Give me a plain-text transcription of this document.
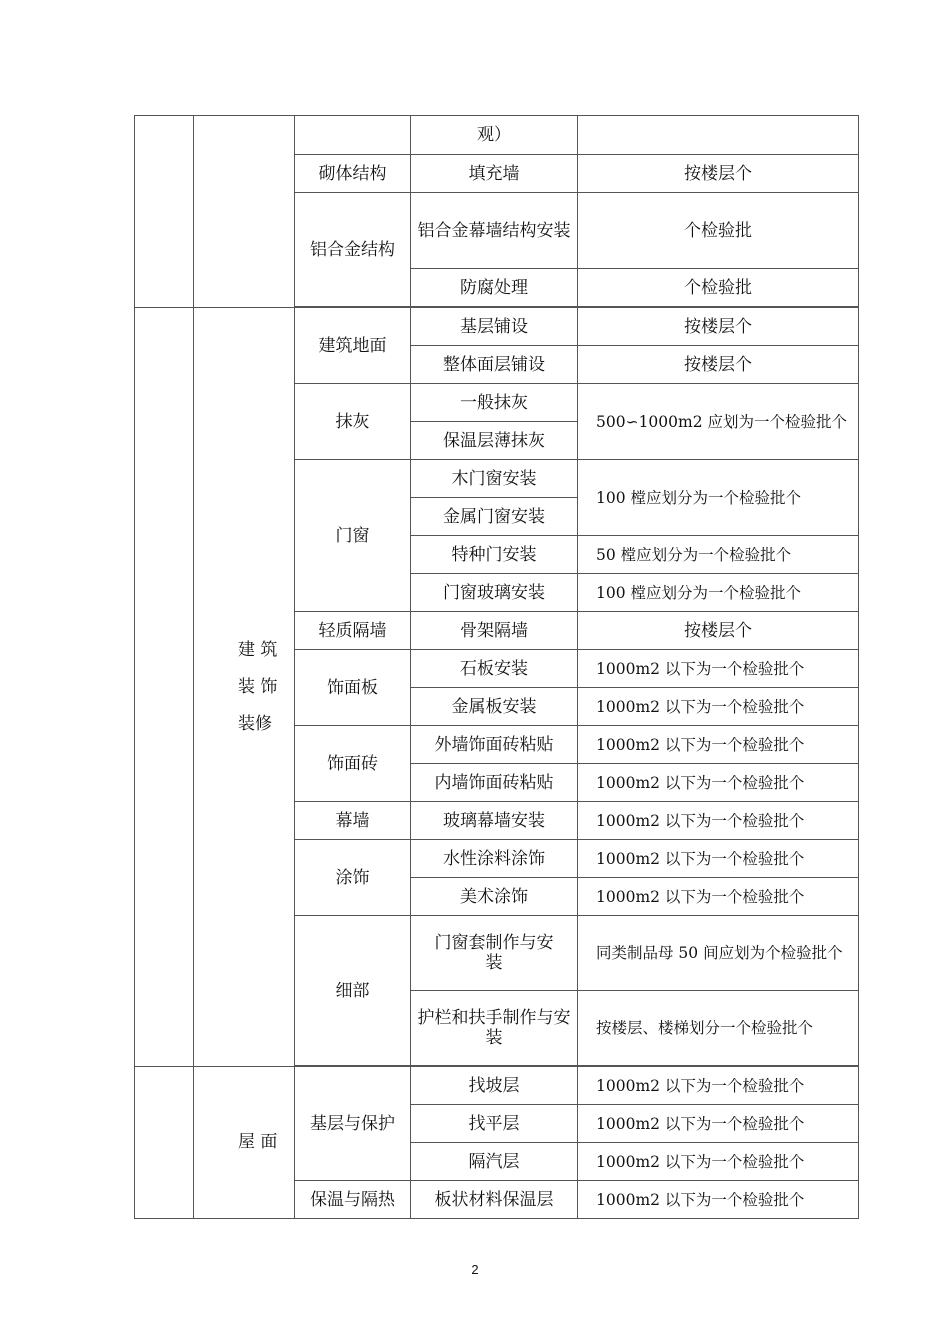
			观）	
		砌体结构	填充墙	按楼层个
		铝合金结构	铝合金幕墙结构安装	个检验批
			防腐处理	个检验批

	建 筑 装 饰 装修	建筑地面	基层铺设	按楼层个
			整体面层铺设	按楼层个
		抹灰	一般抹灰	500∽1000m2 应划为一个检验批个
			保温层薄抹灰	
		门窗	木门窗安装	100 樘应划分为一个检验批个
			金属门窗安装	
			特种门安装	50 樘应划分为一个检验批个
			门窗玻璃安装	100 樘应划分为一个检验批个
		轻质隔墙	骨架隔墙	按楼层个
		饰面板	石板安装	1000m2 以下为一个检验批个
			金属板安装	1000m2 以下为一个检验批个
		饰面砖	外墙饰面砖粘贴	1000m2 以下为一个检验批个
			内墙饰面砖粘贴	1000m2 以下为一个检验批个
		幕墙	玻璃幕墙安装	1000m2 以下为一个检验批个
		涂饰	水性涂料涂饰	1000m2 以下为一个检验批个
			美术涂饰	1000m2 以下为一个检验批个
		细部	门窗套制作与安装	同类制品母 50 间应划为个检验批个
			护栏和扶手制作与安装	按楼层、楼梯划分一个检验批个

	屋 面	基层与保护	找坡层	1000m2 以下为一个检验批个
			找平层	1000m2 以下为一个检验批个
			隔汽层	1000m2 以下为一个检验批个
		保温与隔热	板状材料保温层	1000m2 以下为一个检验批个
2
